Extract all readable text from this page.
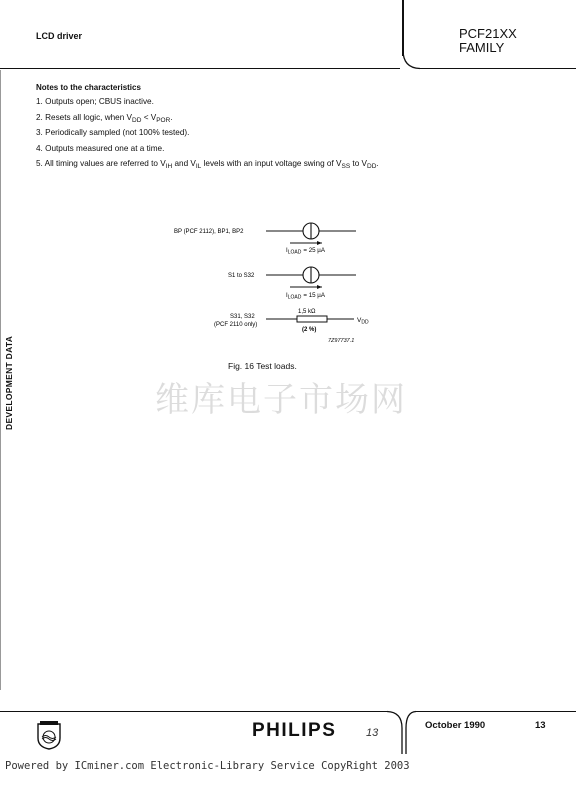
LCD driver	PCF21XX
FAMILY
Notes to the characteristics
1. Outputs open; CBUS inactive.
2. Resets all logic, when $V_{DD} < V_{POR}$.
3. Periodically sampled (not 100% tested).
4. Outputs measured one at a time.
5. All timing values are referred to $V_{IH}$ and $V_{IL}$ levels with an input voltage swing of $V_{SS}$ to $V_{DD}$.
DEVELOPMENT DATA
BP (PCF 2112), BP1, BP2
$I_{LOAD} = 25$ µA
S1 to S32
$I_{LOAD} = 15$ µA
S31, S32
(PCF 2110 only)
1,5 kΩ
(2 %)
$V_{DD}$
7Z97737.1
Fig. 16 Test loads.
维库电子市场网
PHILIPS	13
October 1990	13
Powered by ICminer.com Electronic-Library Service CopyRight 2003
